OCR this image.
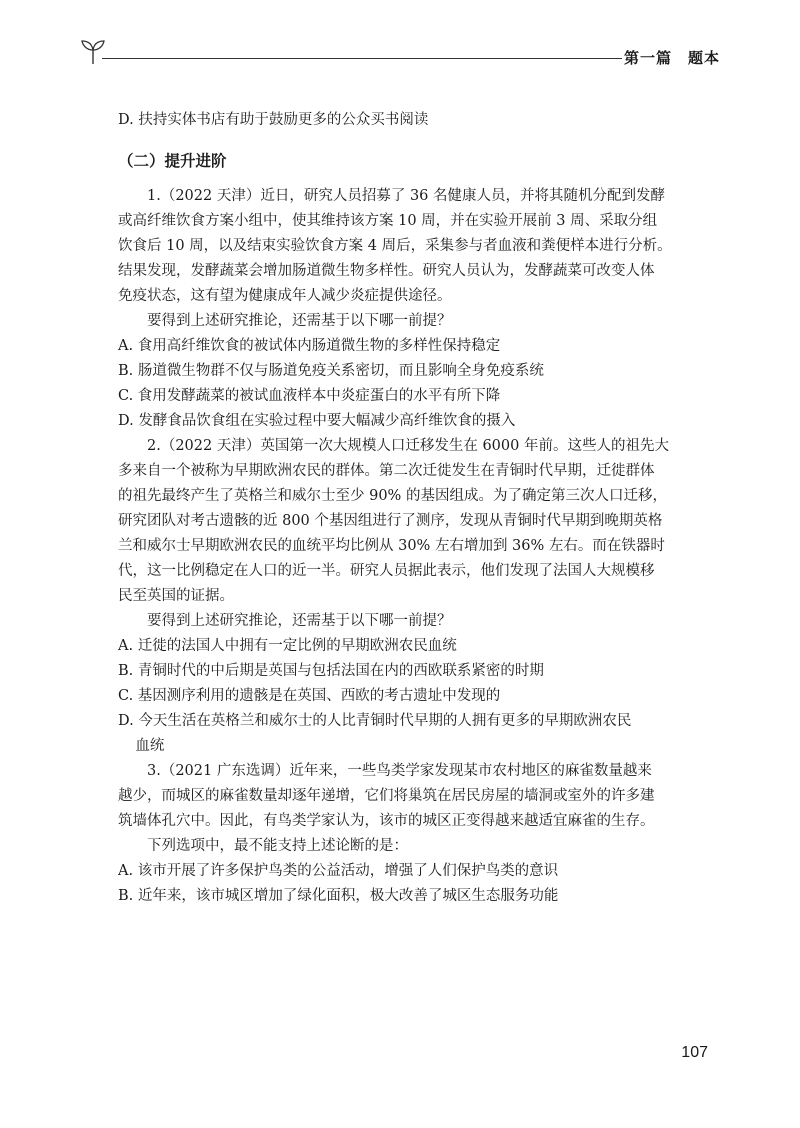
第一篇　题本
D. 扶持实体书店有助于鼓励更多的公众买书阅读
（二）提升进阶
1.（2022 天津）近日，研究人员招募了 36 名健康人员，并将其随机分配到发酵
或高纤维饮食方案小组中，使其维持该方案 10 周，并在实验开展前 3 周、采取分组
饮食后 10 周，以及结束实验饮食方案 4 周后，采集参与者血液和粪便样本进行分析。
结果发现，发酵蔬菜会增加肠道微生物多样性。研究人员认为，发酵蔬菜可改变人体
免疫状态，这有望为健康成年人减少炎症提供途径。
要得到上述研究推论，还需基于以下哪一前提？
A. 食用高纤维饮食的被试体内肠道微生物的多样性保持稳定
B. 肠道微生物群不仅与肠道免疫关系密切，而且影响全身免疫系统
C. 食用发酵蔬菜的被试血液样本中炎症蛋白的水平有所下降
D. 发酵食品饮食组在实验过程中要大幅减少高纤维饮食的摄入
2.（2022 天津）英国第一次大规模人口迁移发生在 6000 年前。这些人的祖先大
多来自一个被称为早期欧洲农民的群体。第二次迁徙发生在青铜时代早期，迁徙群体
的祖先最终产生了英格兰和威尔士至少 90% 的基因组成。为了确定第三次人口迁移，
研究团队对考古遗骸的近 800 个基因组进行了测序，发现从青铜时代早期到晚期英格
兰和威尔士早期欧洲农民的血统平均比例从 30% 左右增加到 36% 左右。而在铁器时
代，这一比例稳定在人口的近一半。研究人员据此表示，他们发现了法国人大规模移
民至英国的证据。
要得到上述研究推论，还需基于以下哪一前提？
A. 迁徙的法国人中拥有一定比例的早期欧洲农民血统
B. 青铜时代的中后期是英国与包括法国在内的西欧联系紧密的时期
C. 基因测序利用的遗骸是在英国、西欧的考古遗址中发现的
D. 今天生活在英格兰和威尔士的人比青铜时代早期的人拥有更多的早期欧洲农民
血统
3.（2021 广东选调）近年来，一些鸟类学家发现某市农村地区的麻雀数量越来
越少，而城区的麻雀数量却逐年递增，它们将巢筑在居民房屋的墙洞或室外的许多建
筑墙体孔穴中。因此，有鸟类学家认为，该市的城区正变得越来越适宜麻雀的生存。
下列选项中，最不能支持上述论断的是：
A. 该市开展了许多保护鸟类的公益活动，增强了人们保护鸟类的意识
B. 近年来，该市城区增加了绿化面积，极大改善了城区生态服务功能
107
